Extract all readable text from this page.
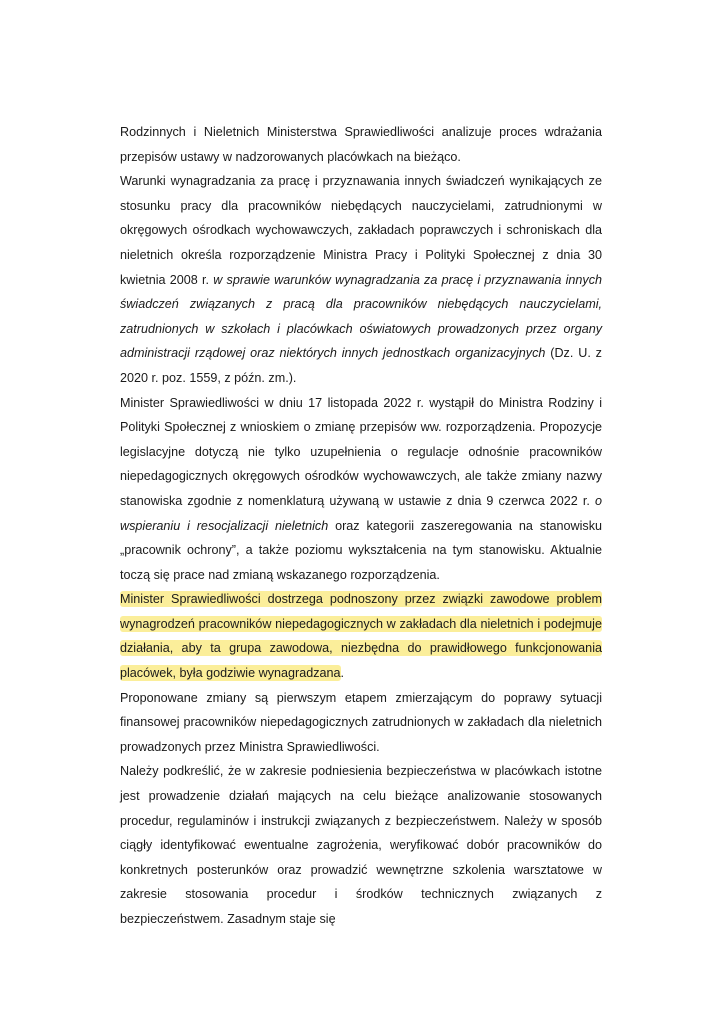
Rodzinnych i Nieletnich Ministerstwa Sprawiedliwości analizuje proces wdrażania przepisów ustawy w nadzorowanych placówkach na bieżąco.

Warunki wynagradzania za pracę i przyznawania innych świadczeń wynikających ze stosunku pracy dla pracowników niebędących nauczycielami, zatrudnionymi w okręgowych ośrodkach wychowawczych, zakładach poprawczych i schroniskach dla nieletnich określa rozporządzenie Ministra Pracy i Polityki Społecznej z dnia 30 kwietnia 2008 r. w sprawie warunków wynagradzania za pracę i przyznawania innych świadczeń związanych z pracą dla pracowników niebędących nauczycielami, zatrudnionych w szkołach i placówkach oświatowych prowadzonych przez organy administracji rządowej oraz niektórych innych jednostkach organizacyjnych (Dz. U. z 2020 r. poz. 1559, z późn. zm.).

Minister Sprawiedliwości w dniu 17 listopada 2022 r. wystąpił do Ministra Rodziny i Polityki Społecznej z wnioskiem o zmianę przepisów ww. rozporządzenia. Propozycje legislacyjne dotyczą nie tylko uzupełnienia o regulacje odnośnie pracowników niepedagogicznych okręgowych ośrodków wychowawczych, ale także zmiany nazwy stanowiska zgodnie z nomenklaturą używaną w ustawie z dnia 9 czerwca 2022 r. o wspieraniu i resocjalizacji nieletnich oraz kategorii zaszeregowania na stanowisku „pracownik ochrony”, a także poziomu wykształcenia na tym stanowisku. Aktualnie toczą się prace nad zmianą wskazanego rozporządzenia.

Minister Sprawiedliwości dostrzega podnoszony przez związki zawodowe problem wynagrodzeń pracowników niepedagogicznych w zakładach dla nieletnich i podejmuje działania, aby ta grupa zawodowa, niezbędna do prawidłowego funkcjonowania placówek, była godziwie wynagradzana.

Proponowane zmiany są pierwszym etapem zmierzającym do poprawy sytuacji finansowej pracowników niepedagogicznych zatrudnionych w zakładach dla nieletnich prowadzonych przez Ministra Sprawiedliwości.

Należy podkreślić, że w zakresie podniesienia bezpieczeństwa w placówkach istotne jest prowadzenie działań mających na celu bieżące analizowanie stosowanych procedur, regulaminów i instrukcji związanych z bezpieczeństwem. Należy w sposób ciągły identyfikować ewentualne zagrożenia, weryfikować dobór pracowników do konkretnych posterunków oraz prowadzić wewnętrzne szkolenia warsztatowe w zakresie stosowania procedur i środków technicznych związanych z bezpieczeństwem. Zasadnym staje się
